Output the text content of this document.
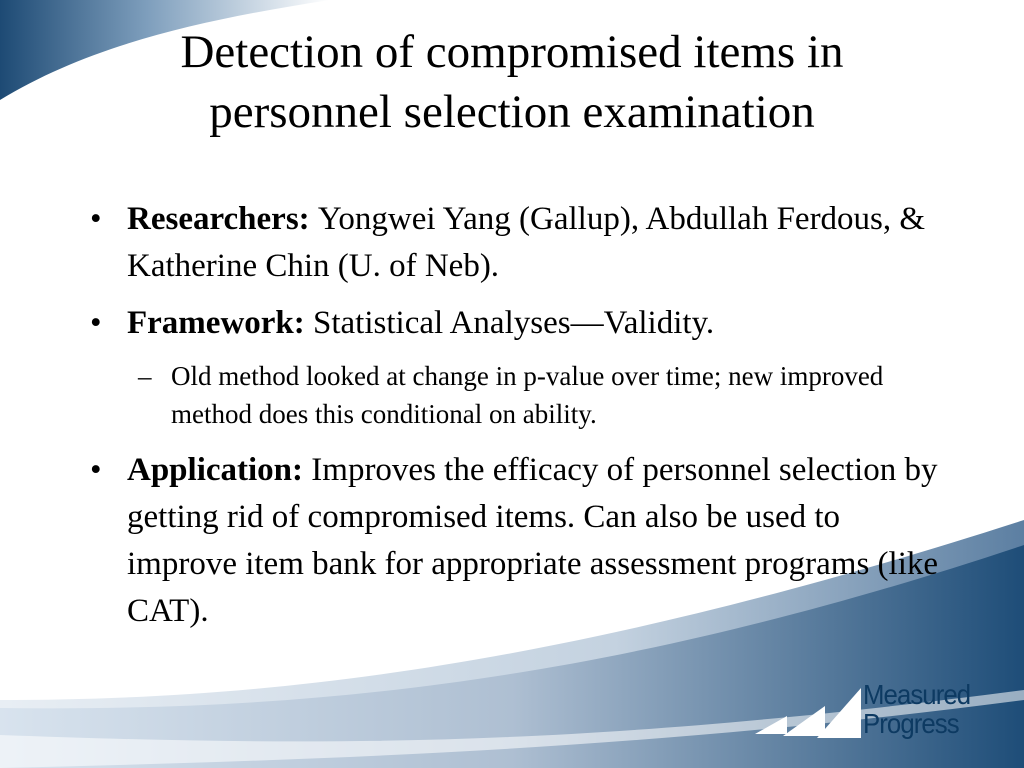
Detection of compromised items in
personnel selection examination
• Researchers: Yongwei Yang (Gallup), Abdullah Ferdous, & Katherine Chin (U. of Neb).
• Framework: Statistical Analyses—Validity.
– Old method looked at change in p-value over time; new improved method does this conditional on ability.
• Application: Improves the efficacy of personnel selection by getting rid of compromised items. Can also be used to improve item bank for appropriate assessment programs (like CAT).
Measured
Progress
